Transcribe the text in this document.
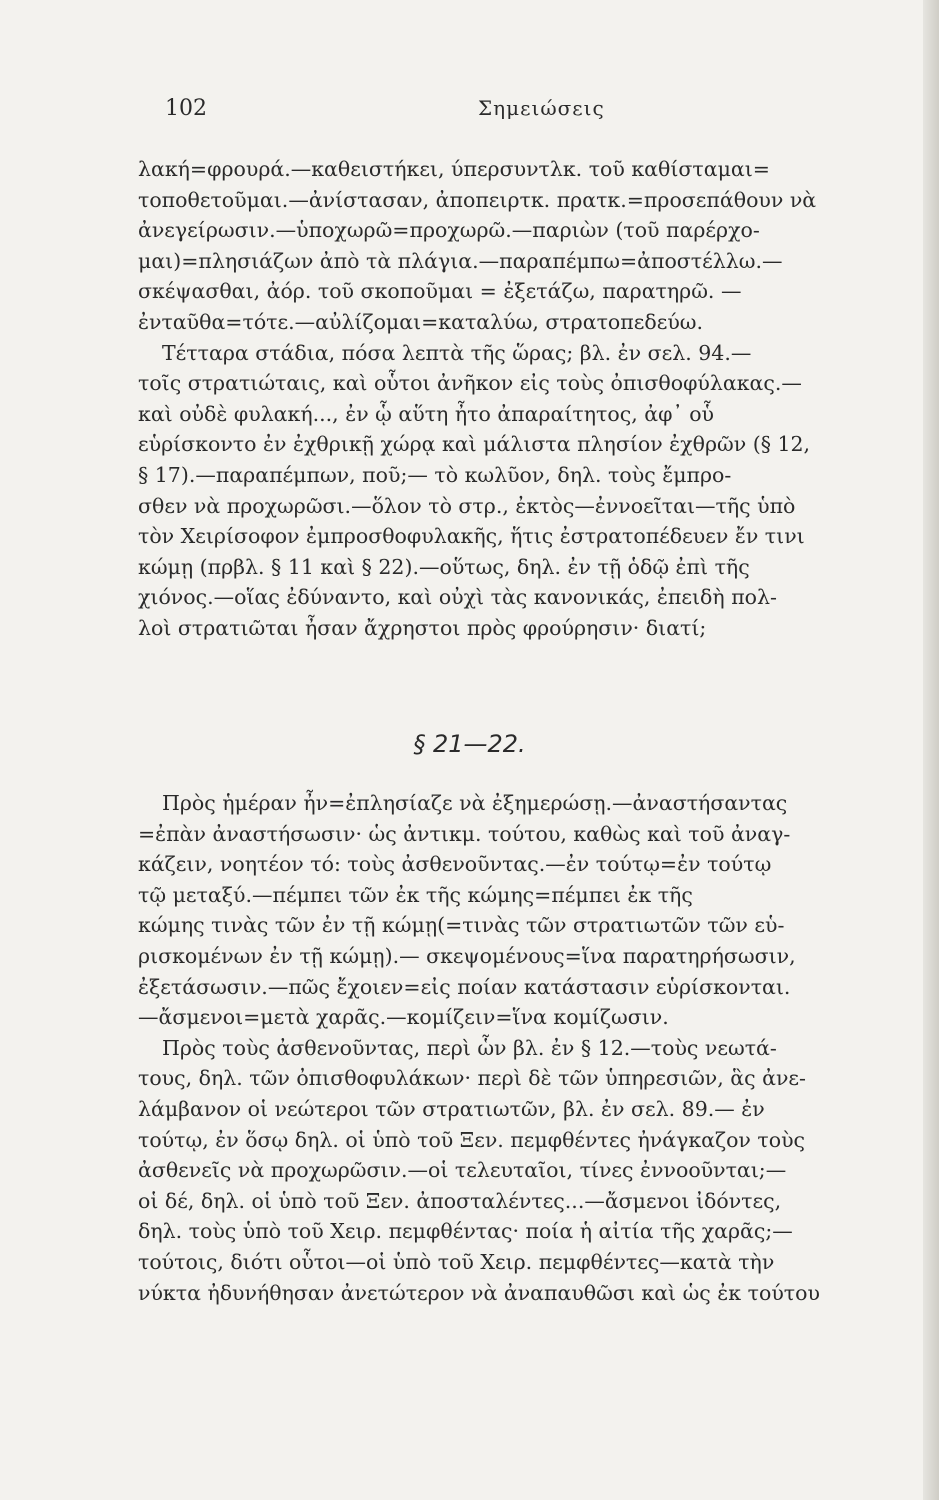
102	Σημειώσεις
λακή=φρουρά.—καθειστήκει, ύπερσυντλκ. τοῦ καθίσταμαι=
τοποθετοῦμαι.—ἀνίστασαν, ἀποπειρτκ. πρατκ.=προσεπάθουν νὰ
ἀνεγείρωσιν.—ὑποχωρῶ=προχωρῶ.—παριὼν (τοῦ παρέρχο-
μαι)=πλησιάζων ἀπὸ τὰ πλάγια.—παραπέμπω=ἀποστέλλω.—
σκέψασθαι, ἀόρ. τοῦ σκοποῦμαι = ἐξετάζω, παρατηρῶ. —
ἐνταῦθα=τότε.—αὐλίζομαι=καταλύω, στρατοπεδεύω.
Τέτταρα στάδια, πόσα λεπτὰ τῆς ὥρας; βλ. ἐν σελ. 94.—
τοῖς στρατιώταις, καὶ οὗτοι ἀνῆκον εἰς τοὺς ὀπισθοφύλακας.—
καὶ οὐδὲ φυλακή..., ἐν ᾧ αὕτη ἦτο ἀπαραίτητος, ἀφ᾽ οὗ
εὑρίσκοντο ἐν ἐχθρικῇ χώρᾳ καὶ μάλιστα πλησίον ἐχθρῶν (§ 12,
§ 17).—παραπέμπων, ποῦ;— τὸ κωλῦον, δηλ. τοὺς ἔμπρο-
σθεν νὰ προχωρῶσι.—ὅλον τὸ στρ., ἐκτὸς—ἐννοεῖται—τῆς ὑπὸ
τὸν Χειρίσοφον ἐμπροσθοφυλακῆς, ἥτις ἐστρατοπέδευεν ἔν τινι
κώμῃ (πρβλ. § 11 καὶ § 22).—οὕτως, δηλ. ἐν τῇ ὁδῷ ἐπὶ τῆς
χιόνος.—οἵας ἐδύναντο, καὶ οὐχὶ τὰς κανονικάς, ἐπειδὴ πολ-
λοὶ στρατιῶται ἦσαν ἄχρηστοι πρὸς φρούρησιν· διατί;
§ 21—22.
Πρὸς ἡμέραν ἦν=ἐπλησίαζε νὰ ἐξημερώσῃ.—ἀναστήσαντας
=ἐπὰν ἀναστήσωσιν· ὡς ἀντικμ. τούτου, καθὼς καὶ τοῦ ἀναγ-
κάζειν, νοητέον τό: τοὺς ἀσθενοῦντας.—ἐν τούτῳ=ἐν τούτῳ
τῷ μεταξύ.—πέμπει τῶν ἐκ τῆς κώμης=πέμπει ἐκ τῆς
κώμης τινὰς τῶν ἐν τῇ κώμῃ(=τινὰς τῶν στρατιωτῶν τῶν εὑ-
ρισκομένων ἐν τῇ κώμῃ).— σκεψομένους=ἵνα παρατηρήσωσιν,
ἐξετάσωσιν.—πῶς ἔχοιεν=εἰς ποίαν κατάστασιν εὑρίσκονται.
—ἄσμενοι=μετὰ χαρᾶς.—κομίζειν=ἵνα κομίζωσιν.
Πρὸς τοὺς ἀσθενοῦντας, περὶ ὧν βλ. ἐν § 12.—τοὺς νεωτά-
τους, δηλ. τῶν ὀπισθοφυλάκων· περὶ δὲ τῶν ὑπηρεσιῶν, ἃς ἀνε-
λάμβανον οἱ νεώτεροι τῶν στρατιωτῶν, βλ. ἐν σελ. 89.— ἐν
τούτῳ, ἐν ὅσῳ δηλ. οἱ ὑπὸ τοῦ Ξεν. πεμφθέντες ἠνάγκαζον τοὺς
ἀσθενεῖς νὰ προχωρῶσιν.—οἱ τελευταῖοι, τίνες ἐννοοῦνται;—
οἱ δέ, δηλ. οἱ ὑπὸ τοῦ Ξεν. ἀποσταλέντες...—ἄσμενοι ἰδόντες,
δηλ. τοὺς ὑπὸ τοῦ Χειρ. πεμφθέντας· ποία ἡ αἰτία τῆς χαρᾶς;—
τούτοις, διότι οὗτοι—οἱ ὑπὸ τοῦ Χειρ. πεμφθέντες—κατὰ τὴν
νύκτα ἠδυνήθησαν ἀνετώτερον νὰ ἀναπαυθῶσι καὶ ὡς ἐκ τούτου
